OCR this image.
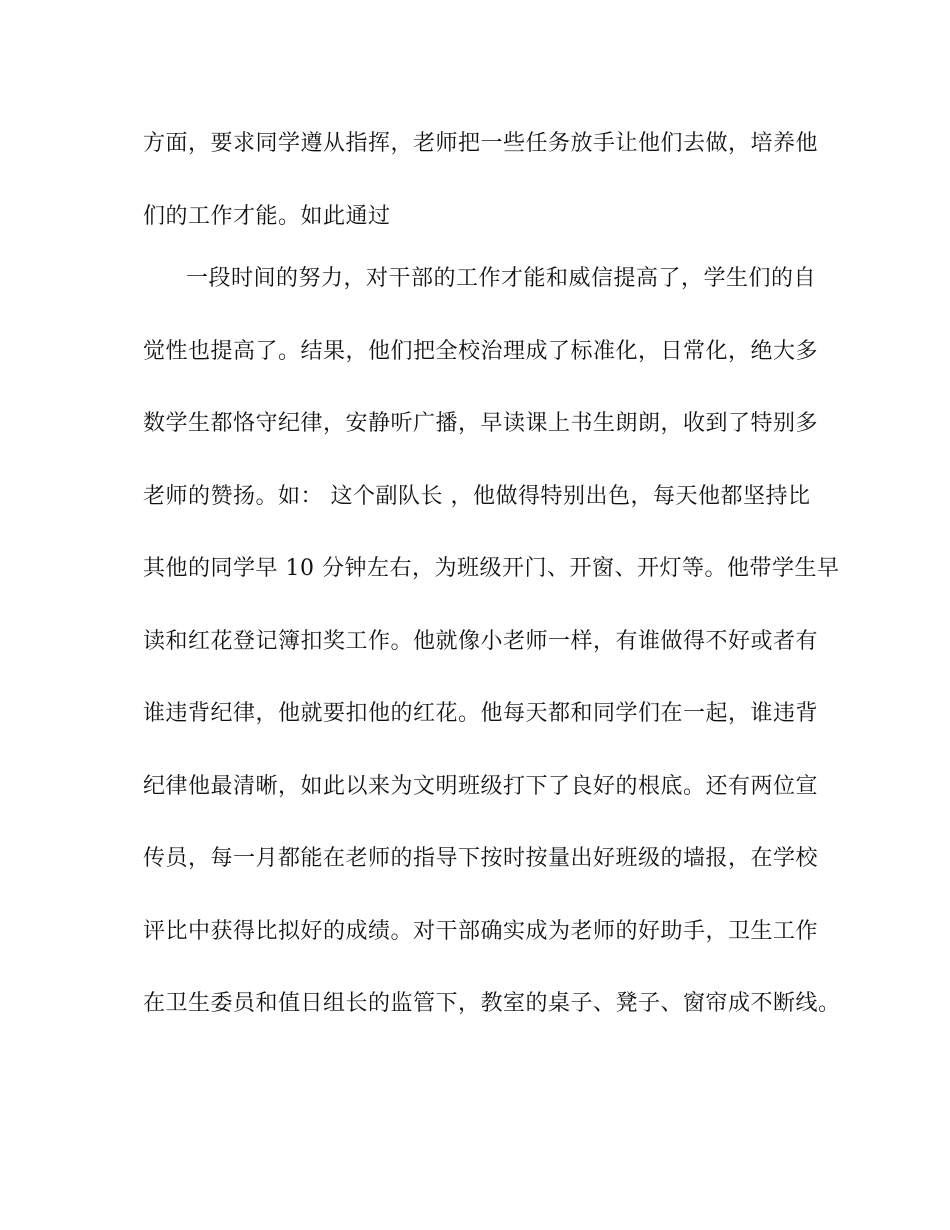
方面，要求同学遵从指挥，老师把一些任务放手让他们去做，培养他
们的工作才能。如此通过
一段时间的努力，对干部的工作才能和威信提高了，学生们的自
觉性也提高了。结果，他们把全校治理成了标准化，日常化，绝大多
数学生都恪守纪律，安静听广播，早读课上书生朗朗，收到了特别多
老师的赞扬。如： 这个副队长 ，他做得特别出色，每天他都坚持比
其他的同学早 10 分钟左右，为班级开门、开窗、开灯等。他带学生早
读和红花登记簿扣奖工作。他就像小老师一样，有谁做得不好或者有
谁违背纪律，他就要扣他的红花。他每天都和同学们在一起，谁违背
纪律他最清晰，如此以来为文明班级打下了良好的根底。还有两位宣
传员，每一月都能在老师的指导下按时按量出好班级的墙报，在学校
评比中获得比拟好的成绩。对干部确实成为老师的好助手，卫生工作
在卫生委员和值日组长的监管下，教室的桌子、凳子、窗帘成不断线。
